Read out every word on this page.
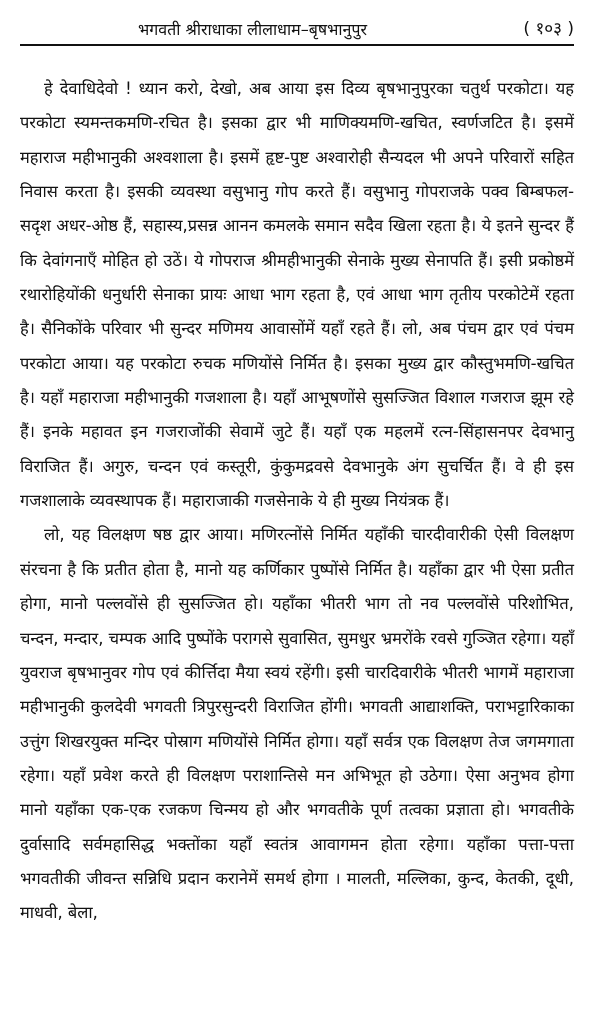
भगवती श्रीराधाका लीलाधाम–बृषभानुपुर	( १०३ )

हे देवाधिदेवो ! ध्यान करो, देखो, अब आया इस दिव्य बृषभानुपुरका चतुर्थ परकोटा। यह परकोटा स्यमन्तकमणि-रचित है। इसका द्वार भी माणिक्यमणि-खचित, स्वर्णजटित है। इसमें महाराज महीभानुकी अश्वशाला है। इसमें हृष्ट-पुष्ट अश्वारोही सैन्यदल भी अपने परिवारों सहित निवास करता है। इसकी व्यवस्था वसुभानु गोप करते हैं। वसुभानु गोपराजके पक्व बिम्बफल-सदृश अधर-ओष्ठ हैं, सहास्य,प्रसन्न आनन कमलके समान सदैव खिला रहता है। ये इतने सुन्दर हैं कि देवांगनाएँ मोहित हो उठें। ये गोपराज श्रीमहीभानुकी सेनाके मुख्य सेनापति हैं। इसी प्रकोष्ठमें रथारोहियोंकी धनुर्धारी सेनाका प्रायः आधा भाग रहता है, एवं आधा भाग तृतीय परकोटेमें रहता है। सैनिकोंके परिवार भी सुन्दर मणिमय आवासोंमें यहाँ रहते हैं। लो, अब पंचम द्वार एवं पंचम परकोटा आया। यह परकोटा रुचक मणियोंसे निर्मित है। इसका मुख्य द्वार कौस्तुभमणि-खचित है। यहाँ महाराजा महीभानुकी गजशाला है। यहाँ आभूषणोंसे सुसज्जित विशाल गजराज झूम रहे हैं। इनके महावत इन गजराजोंकी सेवामें जुटे हैं। यहाँ एक महलमें रत्न-सिंहासनपर देवभानु विराजित हैं। अगुरु, चन्दन एवं कस्तूरी, कुंकुमद्रवसे देवभानुके अंग सुचर्चित हैं। वे ही इस गजशालाके व्यवस्थापक हैं। महाराजाकी गजसेनाके ये ही मुख्य नियंत्रक हैं।

लो, यह विलक्षण षष्ठ द्वार आया। मणिरत्नोंसे निर्मित यहाँकी चारदीवारीकी ऐसी विलक्षण संरचना है कि प्रतीत होता है, मानो यह कर्णिकार पुष्पोंसे निर्मित है। यहाँका द्वार भी ऐसा प्रतीत होगा, मानो पल्लवोंसे ही सुसज्जित हो। यहाँका भीतरी भाग तो नव पल्लवोंसे परिशोभित, चन्दन, मन्दार, चम्पक आदि पुष्पोंके परागसे सुवासित, सुमधुर भ्रमरोंके रवसे गुञ्जित रहेगा। यहाँ युवराज बृषभानुवर गोप एवं कीर्त्तिदा मैया स्वयं रहेंगी। इसी चारदिवारीके भीतरी भागमें महाराजा महीभानुकी कुलदेवी भगवती त्रिपुरसुन्दरी विराजित होंगी। भगवती आद्याशक्ति, पराभट्टारिकाका उत्तुंग शिखरयुक्त मन्दिर पोस्राग मणियोंसे निर्मित होगा। यहाँ सर्वत्र एक विलक्षण तेज जगमगाता रहेगा। यहाँ प्रवेश करते ही विलक्षण पराशान्तिसे मन अभिभूत हो उठेगा। ऐसा अनुभव होगा मानो यहाँका एक-एक रजकण चिन्मय हो और भगवतीके पूर्ण तत्वका प्रज्ञाता हो। भगवतीके दुर्वासादि सर्वमहासिद्ध भक्तोंका यहाँ स्वतंत्र आवागमन होता रहेगा। यहाँका पत्ता-पत्ता भगवतीकी जीवन्त सन्निधि प्रदान करानेमें समर्थ होगा । मालती, मल्लिका, कुन्द, केतकी, दूधी, माधवी, बेला,
